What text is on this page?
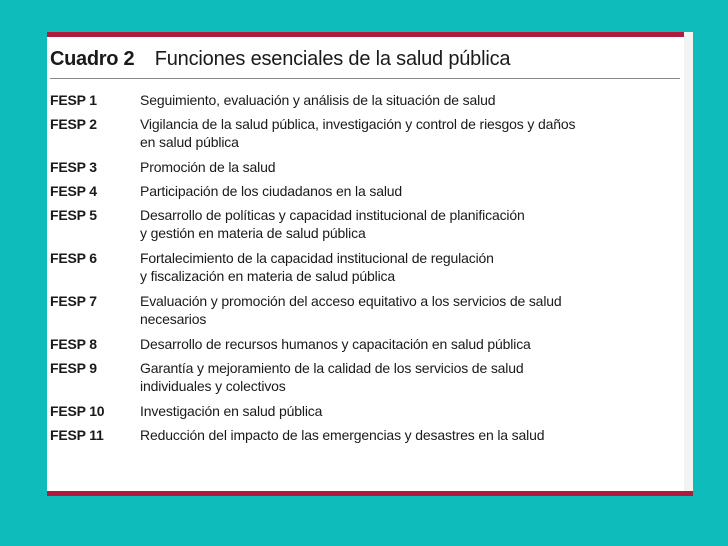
Cuadro 2 Funciones esenciales de la salud pública
FESP 1	Seguimiento, evaluación y análisis de la situación de salud
FESP 2	Vigilancia de la salud pública, investigación y control de riesgos y daños
en salud pública
FESP 3	Promoción de la salud
FESP 4	Participación de los ciudadanos en la salud
FESP 5	Desarrollo de políticas y capacidad institucional de planificación
y gestión en materia de salud pública
FESP 6	Fortalecimiento de la capacidad institucional de regulación
y fiscalización en materia de salud pública
FESP 7	Evaluación y promoción del acceso equitativo a los servicios de salud
necesarios
FESP 8	Desarrollo de recursos humanos y capacitación en salud pública
FESP 9	Garantía y mejoramiento de la calidad de los servicios de salud
individuales y colectivos
FESP 10	Investigación en salud pública
FESP 11	Reducción del impacto de las emergencias y desastres en la salud
